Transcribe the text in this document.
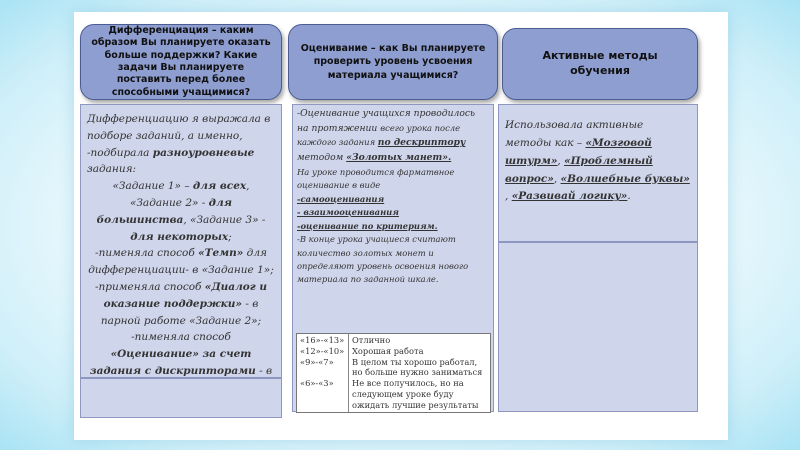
Дифференциация – каким образом Вы планируете оказать больше поддержки? Какие задачи Вы планируете поставить перед более способными учащимися?
Оценивание – как Вы планируете проверить уровень усвоения материала учащимися?
Активные методы обучения

Дифференциацию я выражала в подборе заданий, а именно,

-подбирала разноуровневые задания:

«Задание 1» – для всех, «Задание 2» - для большинства, «Задание 3» - для некоторых;

-пименяла способ «Темп» для дифференциации- в «Задание 1»;

-применяла способ «Диалог и оказание поддержки» - в парной работе «Задание 2»;

-пименяла способ «Оценивание» за счет задания с дискрипторами - в

-Оценивание учащихся проводилось на протяжении всего урока после каждого задания по дескриптору методом «Золотых манет».

На уроке проводится фарматвное оценивание в виде

-самооценивания

- взаимооценивания

-оценивание по критериям.

-В конце урока учащиеся считают количество золотых монет и определяют уровень освоения нового материала по заданной шкале.

«16»-«13»
«12»-«10»
«9»-«7»

«6»-«3»
Отлично
Хорошая работа
В целом ты хорошо работал,
но больше нужно заниматься
Не все получилось, но на
следующем уроке буду
ожидать лучшие результаты
Использовала активные методы как – «Мозговой штурм», «Проблемный вопрос», «Волшебные буквы» , «Развивай логику».
